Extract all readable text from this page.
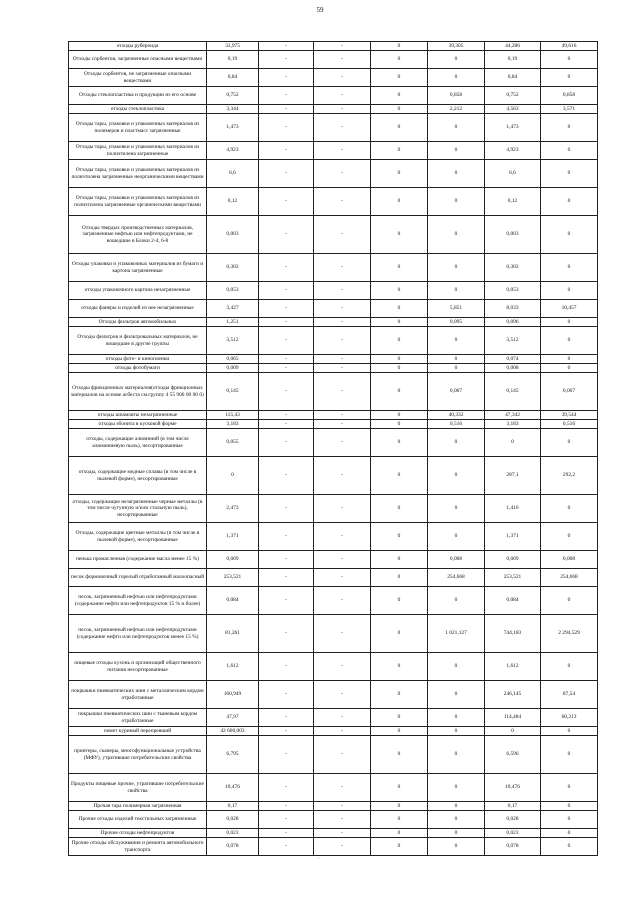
59
отходы рубероида	33,975	-	-	0	39,305	44,286	49,616
Отходы сорбентов, загрязненные опасными веществами	0,19	-	-	0	0	0,19	0
Отходы сорбентов, не загрязненные опасными веществами	0,84	-	-	0	0	0,84	0
Отходы стеклопластика и продукции из его основе	0,752	-	-	0	0,858	0,752	0,858
отходы стеклопластика	3,344	-	-	0	2,212	4,563	3,571
Отходы тары, упаковки и упаковочных материалов из полимеров и пластмасс загрязненные	1,473	-	-	0	0	1,473	0
Отходы тары, упаковки и упаковочных материалов из полиэтилена загрязненные	4,923	-	-	0	0	4,923	0
Отходы тары, упаковки и упаковочных материалов из полиэтилена загрязненные неорганическими веществами	6,6	-	-	0	0	6,6	0
Отходы тары, упаковки и упаковочных материалов из полиэтилена загрязненные органическими веществами	0,12	-	-	0	0	0,12	0
Отходы твердых производственных материалов, загрязненные нефтью или нефтепродуктами, не вошедшие в Блоки 2-4, 6-8	0,003	-	-	0	0	0,003	0
Отходы упаковки и упаковочных материалов из бумаги и картона загрязненные	0,303	-	-	0	0	0,303	0
отходы упаковочного картона незагрязненные	0,053	-	-	0	0	0,053	0
отходы фанеры и изделий из нее незагрязненные	3,427	-	-	0	5,851	8,033	10,457
Отходы фильтров автомобильных	1,251	-	-	0	0,095	0,096	0
Отходы фильтров и фильтровальных материалов, не вошедшие в другие группы	3,512	-	-	0	0	3,512	0
отходы фото- и кинопленки	0,065	-	-	0	0	0,074	0
отходы фотобумаги	0,009	-	-	0	0	0,008	0
Отходы фрикционных материалов(отходы фрикционных материалов на основе асбеста см.группу 4 55 900 00 00 0)	0,145	-	-	0	0,067	0,145	0,067
отходы шпамовты незагрязненные	115,43	-	-	0	40,332	47,342	39,544
отходы эбонита в кусковой форме	3,183	-	-	0	0,516	3,183	0,516
отходы, содержащие алюминий (в том числе алюминиевую пыль), несортированные	0,055	-	-	0	0	0	0
отходы, содержащие медные сплавы (в том числе в пылевой форме), несортированные	0	-	-	0	0	287,1	292,2
отходы, содержащие незагрязненные черные металлы (в том числе чугунную и/или стальную пыль), несортированные	2,473	-	-	0	0	1,416	0
Отходы, содержащие цветные металлы (в том числе в пылевой форме), несортированные	1,371	-	-	0	0	1,371	0
пенька промасленная (содержание масла менее 15 %)	0,009	-	-	0	0,008	0,009	0,008
песок формовочный горелый отработанный малоопасный	253,521	-	-	0	254,668	253,521	254,668
песок, загрязненный нефтью или нефтепродуктами (содержание нефти или нефтепродуктов 15 % и более)	0,084	-	-	0	0	0,084	0
песок, загрязненный нефтью или нефтепродуктами (содержание нефти или нефтепродуктов менее 15 %)	81,261	-	-	0	1 021,127	744,183	2 294,529
пищевые отходы кухонь и организаций общественного питания несортированные	1,612	-	-	0	0	1,612	0
покрышки пневматических шин с металлическим кордом отработанные	160,949	-	-	0	0	246,145	87,54
покрышки пневматических шин с тканевым кордом отработанные	47,97	-	-	0	0	114,484	60,213
помет куриный перепревший	42 600,003	-	-	0	0	0	0
принтеры, сканеры, многофункциональные устройства (МФУ), утратившие потребительские свойства	6,795	-	-	0	0	6,596	0
Продукты пищевые прочие, утратившие потребительские свойства	10,476	-	-	0	0	10,476	0
Прочая тара полимерная загрязненная	0,17	-	-	0	0	0,17	0
Прочие отходы изделий текстильных загрязненные	0,028	-	-	0	0	0,028	0
Прочие отходы нефтепродуктов	0,023	-	-	0	0	0,023	0
Прочие отходы обслуживания и ремонта автомобильного транспорта	0,078	-	-	0	0	0,078	0
.
